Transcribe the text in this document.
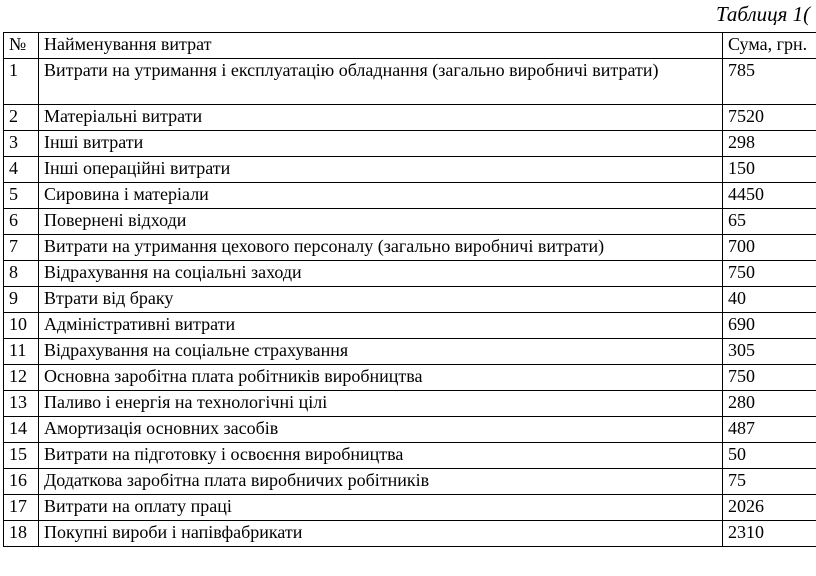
Таблиця 1(
№	Найменування витрат	Сума, грн.
1	Витрати на утримання і експлуатацію обладнання (загально виробничі витрати)	785
2	Матеріальні витрати	7520
3	Інші витрати	298
4	Інші операційні витрати	150
5	Сировина і матеріали	4450
6	Повернені відходи	65
7	Витрати на утримання цехового персоналу (загально виробничі витрати)	700
8	Відрахування на соціальні заходи	750
9	Втрати від браку	40
10	Адміністративні витрати	690
11	Відрахування на соціальне страхування	305
12	Основна заробітна плата робітників виробництва	750
13	Паливо і енергія на технологічні цілі	280
14	Амортизація основних засобів	487
15	Витрати на підготовку і освоєння виробництва	50
16	Додаткова заробітна плата виробничих робітників	75
17	Витрати на оплату праці	2026
18	Покупні вироби і напівфабрикати	2310
